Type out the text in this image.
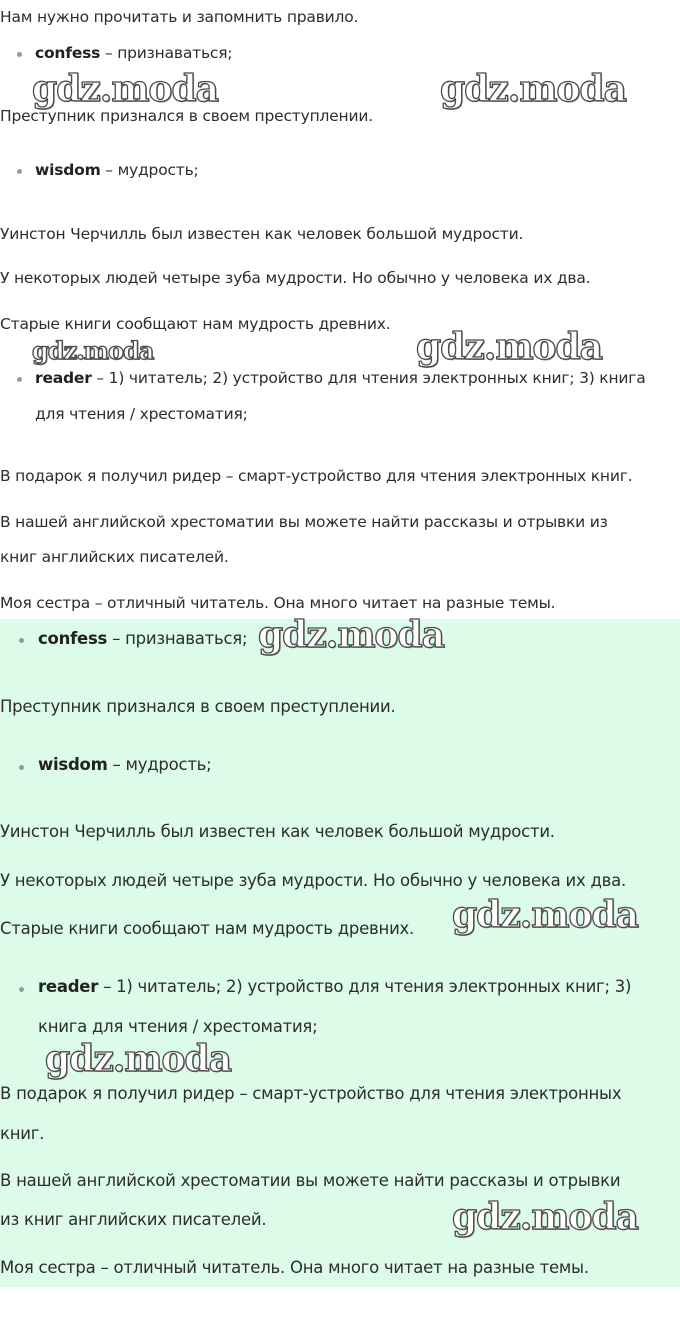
Нам нужно прочитать и запомнить правило.
confess – признаваться;
Преступник признался в своем преступлении.
wisdom – мудрость;
Уинстон Черчилль был известен как человек большой мудрости.
У некоторых людей четыре зуба мудрости. Но обычно у человека их два.
Старые книги сообщают нам мудрость древних.
reader – 1) читатель; 2) устройство для чтения электронных книг; 3) книга
для чтения / хрестоматия;
В подарок я получил ридер – смарт-устройство для чтения электронных книг.
В нашей английской хрестоматии вы можете найти рассказы и отрывки из
книг английских писателей.
Моя сестра – отличный читатель. Она много читает на разные темы.
confess – признаваться;
Преступник признался в своем преступлении.
wisdom – мудрость;
Уинстон Черчилль был известен как человек большой мудрости.
У некоторых людей четыре зуба мудрости. Но обычно у человека их два.
Старые книги сообщают нам мудрость древних.
reader – 1) читатель; 2) устройство для чтения электронных книг; 3)
книга для чтения / хрестоматия;
В подарок я получил ридер – смарт-устройство для чтения электронных
книг.
В нашей английской хрестоматии вы можете найти рассказы и отрывки
из книг английских писателей.
Моя сестра – отличный читатель. Она много читает на разные темы.
gdz.moda	gdz.moda
gdz.moda	gdz.moda
gdz.moda
gdz.moda
gdz.moda
gdz.moda
